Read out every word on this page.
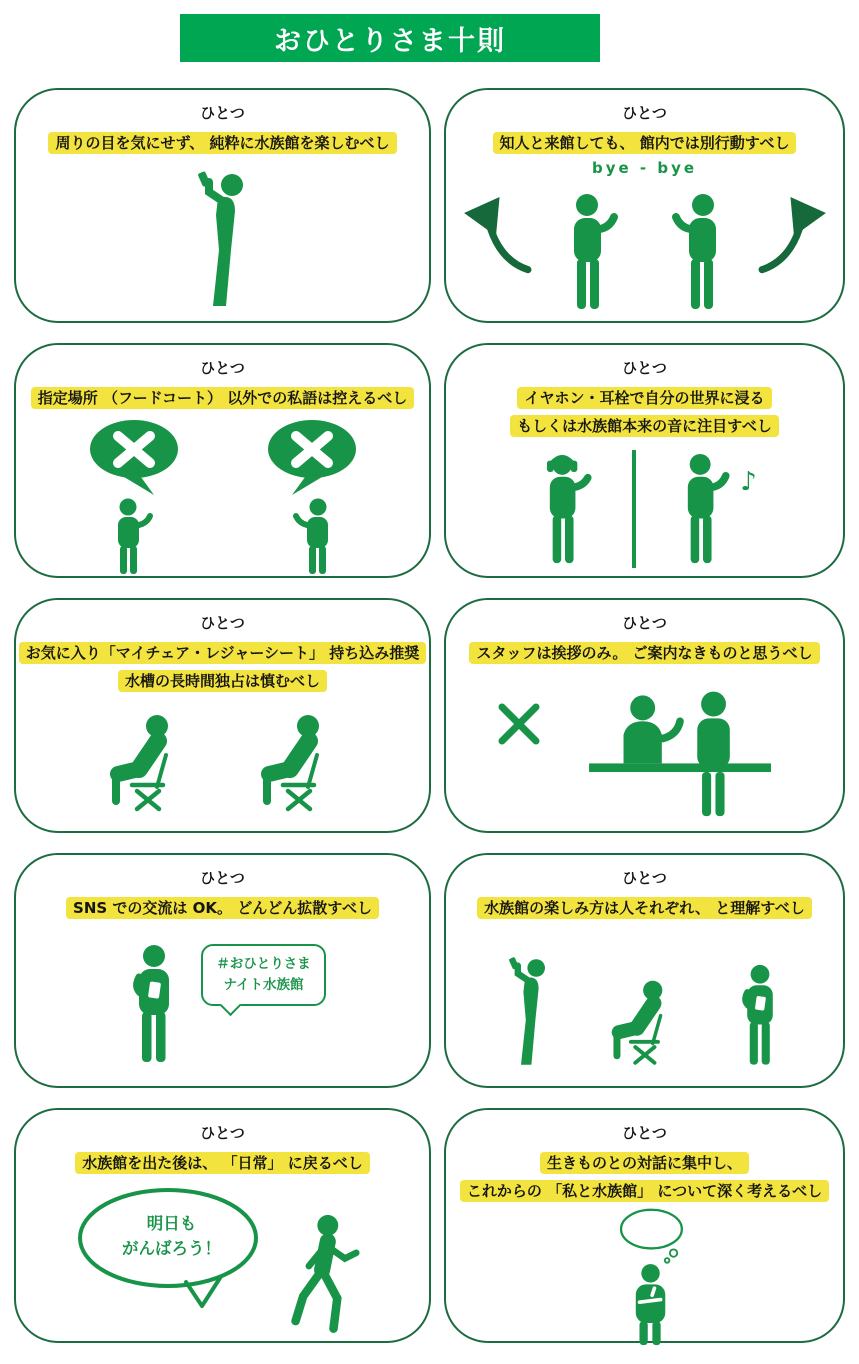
おひとりさま十則
ひとつ
周りの目を気にせず、 純粋に水族館を楽しむべし
ひとつ
知人と来館しても、 館内では別行動すべし
bye - bye
ひとつ
指定場所 （フードコート） 以外での私語は控えるべし
ひとつ
イヤホン・耳栓で自分の世界に浸る
もしくは水族館本来の音に注目すべし
♪
ひとつ
お気に入り「マイチェア・レジャーシート」 持ち込み推奨
水槽の長時間独占は慎むべし
ひとつ
スタッフは挨拶のみ。 ご案内なきものと思うべし
ひとつ
SNS での交流は OK。 どんどん拡散すべし
＃おひとりさま
ナイト水族館
ひとつ
水族館の楽しみ方は人それぞれ、 と理解すべし
ひとつ
水族館を出た後は、 「日常」 に戻るべし
明日も
がんばろう！
ひとつ
生きものとの対話に集中し、
これからの 「私と水族館」 について深く考えるべし
